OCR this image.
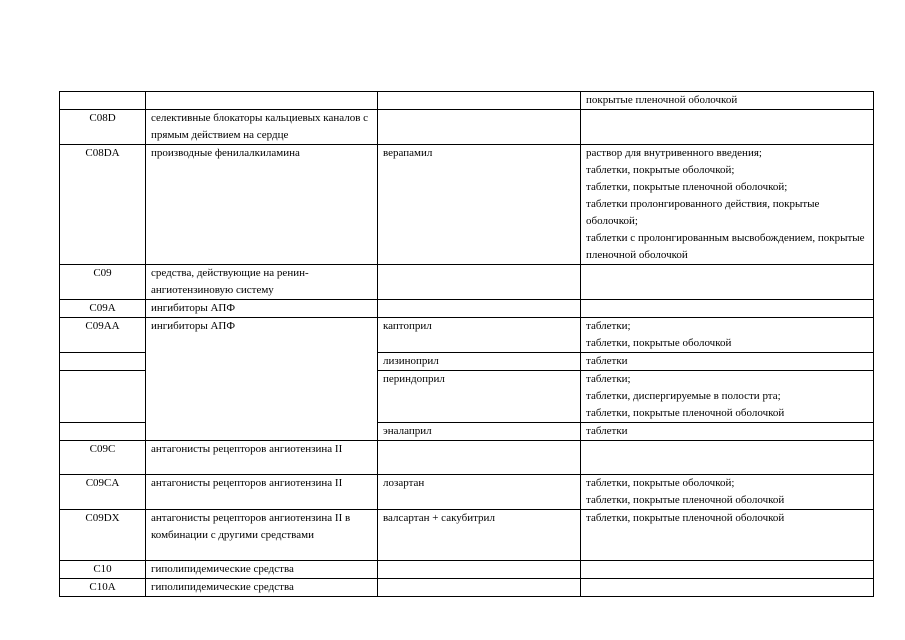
			покрытые пленочной оболочкой

C08D	селективные блокаторы кальциевых каналов с прямым действием на сердце		
C08DA	производные фенилалкиламина	верапамил	раствор для внутривенного введения;
таблетки, покрытые оболочкой;
таблетки, покрытые пленочной оболочкой;
таблетки пролонгированного действия, покрытые оболочкой;
таблетки с пролонгированным высвобождением, покрытые пленочной оболочкой

C09	средства, действующие на ренин-ангиотензиновую систему		
C09A	ингибиторы АПФ		
C09AA	ингибиторы АПФ	каптоприл	таблетки;
таблетки, покрытые оболочкой

		лизиноприл	таблетки

		периндоприл	таблетки;
таблетки, диспергируемые в полости рта;
таблетки, покрытые пленочной оболочкой

		эналаприл	таблетки

C09C	антагонисты рецепторов ангиотензина II		
C09CA	антагонисты рецепторов ангиотензина II	лозартан	таблетки, покрытые оболочкой;
таблетки, покрытые пленочной оболочкой

C09DX	антагонисты рецепторов ангиотензина II в комбинации с другими средствами	валсартан + сакубитрил	таблетки, покрытые пленочной оболочкой

C10	гиполипидемические средства		
C10A	гиполипидемические средства		
